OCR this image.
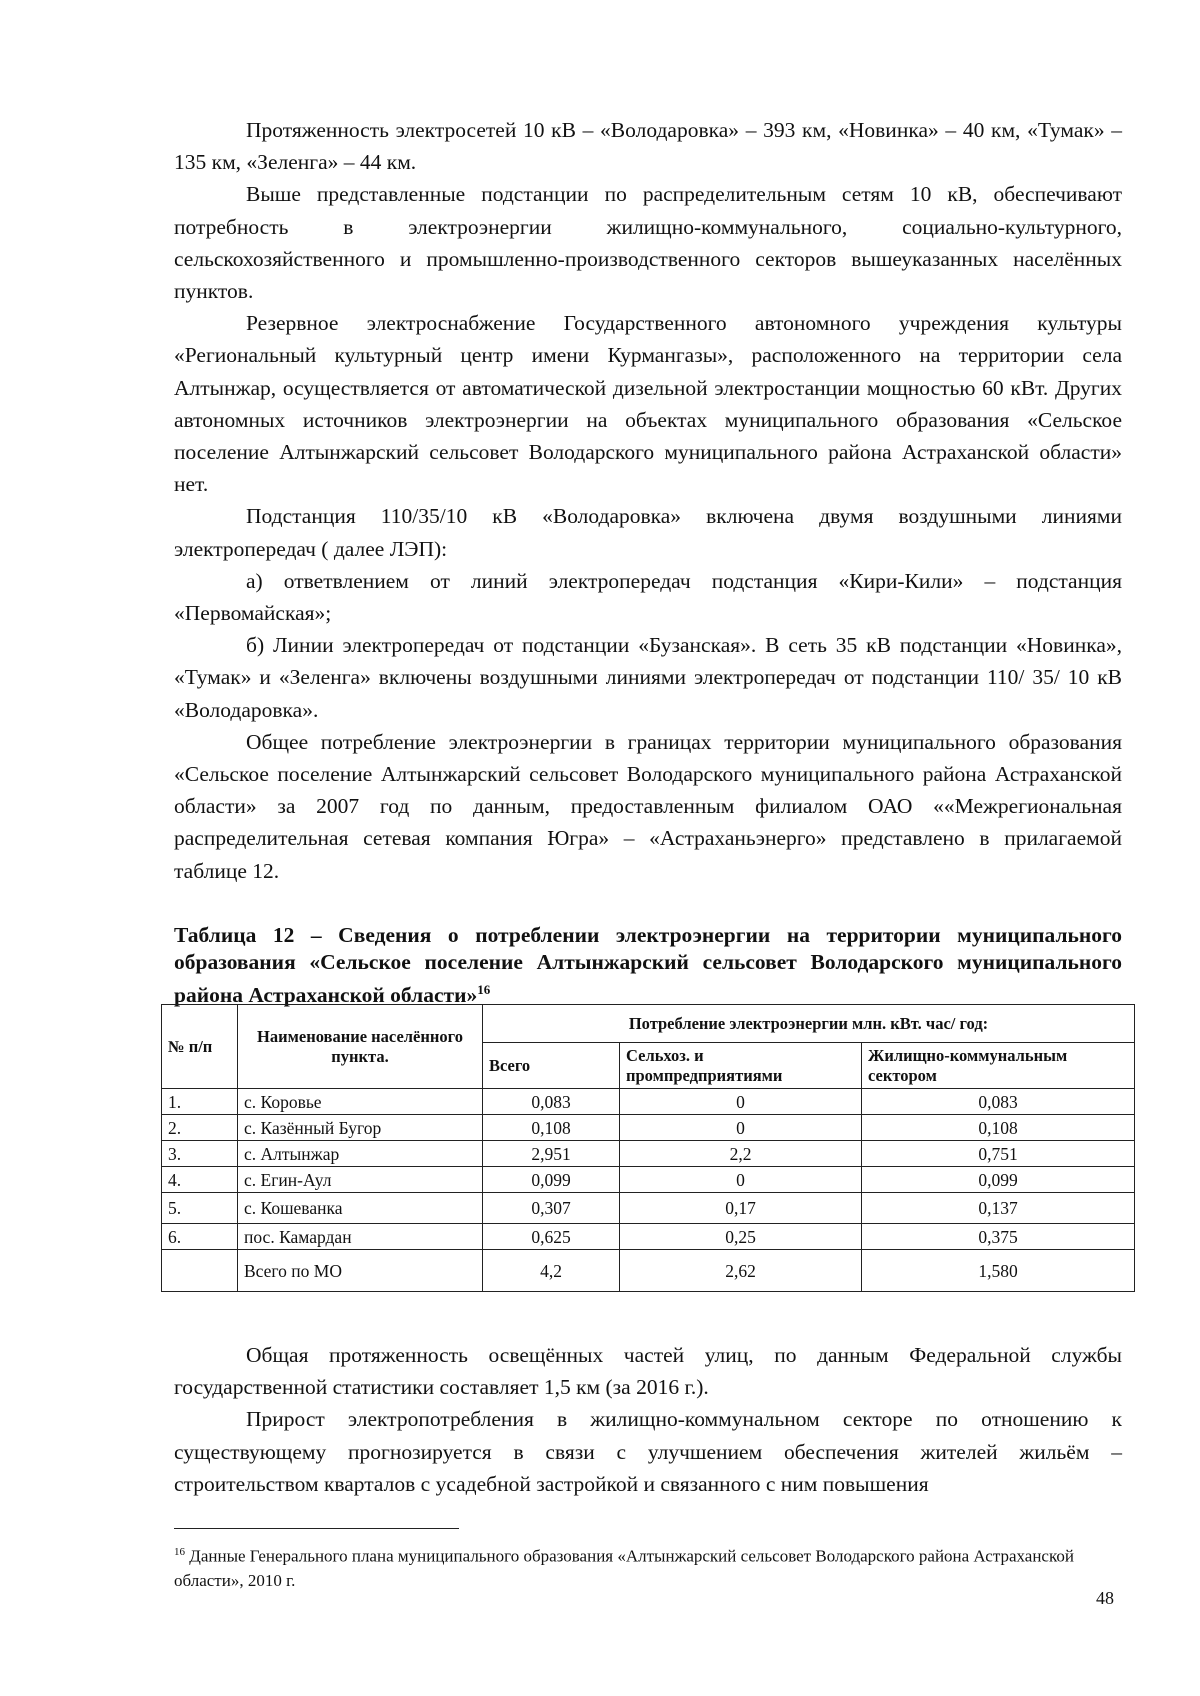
Протяженность электросетей 10 кВ – «Володаровка» – 393 км, «Новинка» – 40 км, «Тумак» – 135 км, «Зеленга» – 44 км.

Выше представленные подстанции по распределительным сетям 10 кВ, обеспечивают потребность в электроэнергии жилищно-коммунального, социально-культурного, сельскохозяйственного и промышленно-производственного секторов вышеуказанных населённых пунктов.

Резервное электроснабжение Государственного автономного учреждения культуры «Региональный культурный центр имени Курмангазы», расположенного на территории села Алтынжар, осуществляется от автоматической дизельной электростанции мощностью 60 кВт. Других автономных источников электроэнергии на объектах муниципального образования «Сельское поселение Алтынжарский сельсовет Володарского муниципального района Астраханской области» нет.

Подстанция 110/35/10 кВ «Володаровка» включена двумя воздушными линиями электропередач ( далее ЛЭП):

а) ответвлением от линий электропередач подстанция «Кири-Кили» – подстанция «Первомайская»;

б) Линии электропередач от подстанции «Бузанская». В сеть 35 кВ подстанции «Новинка», «Тумак» и «Зеленга» включены воздушными линиями электропередач от подстанции 110/ 35/ 10 кВ «Володаровка».

Общее потребление электроэнергии в границах территории муниципального образования «Сельское поселение Алтынжарский сельсовет Володарского муниципального района Астраханской области» за 2007 год по данным, предоставленным филиалом ОАО ««Межрегиональная распределительная сетевая компания Югра» – «Астраханьэнерго» представлено в прилагаемой таблице 12.

Таблица 12 – Сведения о потреблении электроэнергии на территории муниципального образования «Сельское поселение Алтынжарский сельсовет Володарского муниципального района Астраханской области»$^{16}$
№ п/п	Наименование населённого пункта.	Потребление электроэнергии млн. кВт. час/ год:		
		Всего	Сельхоз. и промпредприятиями	Жилищно-коммунальным сектором
1.	с. Коровье	0,083	0	0,083
2.	с. Казённый Бугор	0,108	0	0,108
3.	с. Алтынжар	2,951	2,2	0,751
4.	с. Егин-Аул	0,099	0	0,099
5.	с. Кошеванка	0,307	0,17	0,137
6.	пос. Камардан	0,625	0,25	0,375
	Всего по МО	4,2	2,62	1,580

Общая протяженность освещённых частей улиц, по данным Федеральной службы государственной статистики составляет 1,5 км (за 2016 г.).

Прирост электропотребления в жилищно-коммунальном секторе по отношению к существующему прогнозируется в связи с улучшением обеспечения жителей жильём – строительством кварталов с усадебной застройкой и связанного с ним повышения

$^{16}$ Данные Генерального плана муниципального образования «Алтынжарский сельсовет Володарского района Астраханской области», 2010 г.
48
